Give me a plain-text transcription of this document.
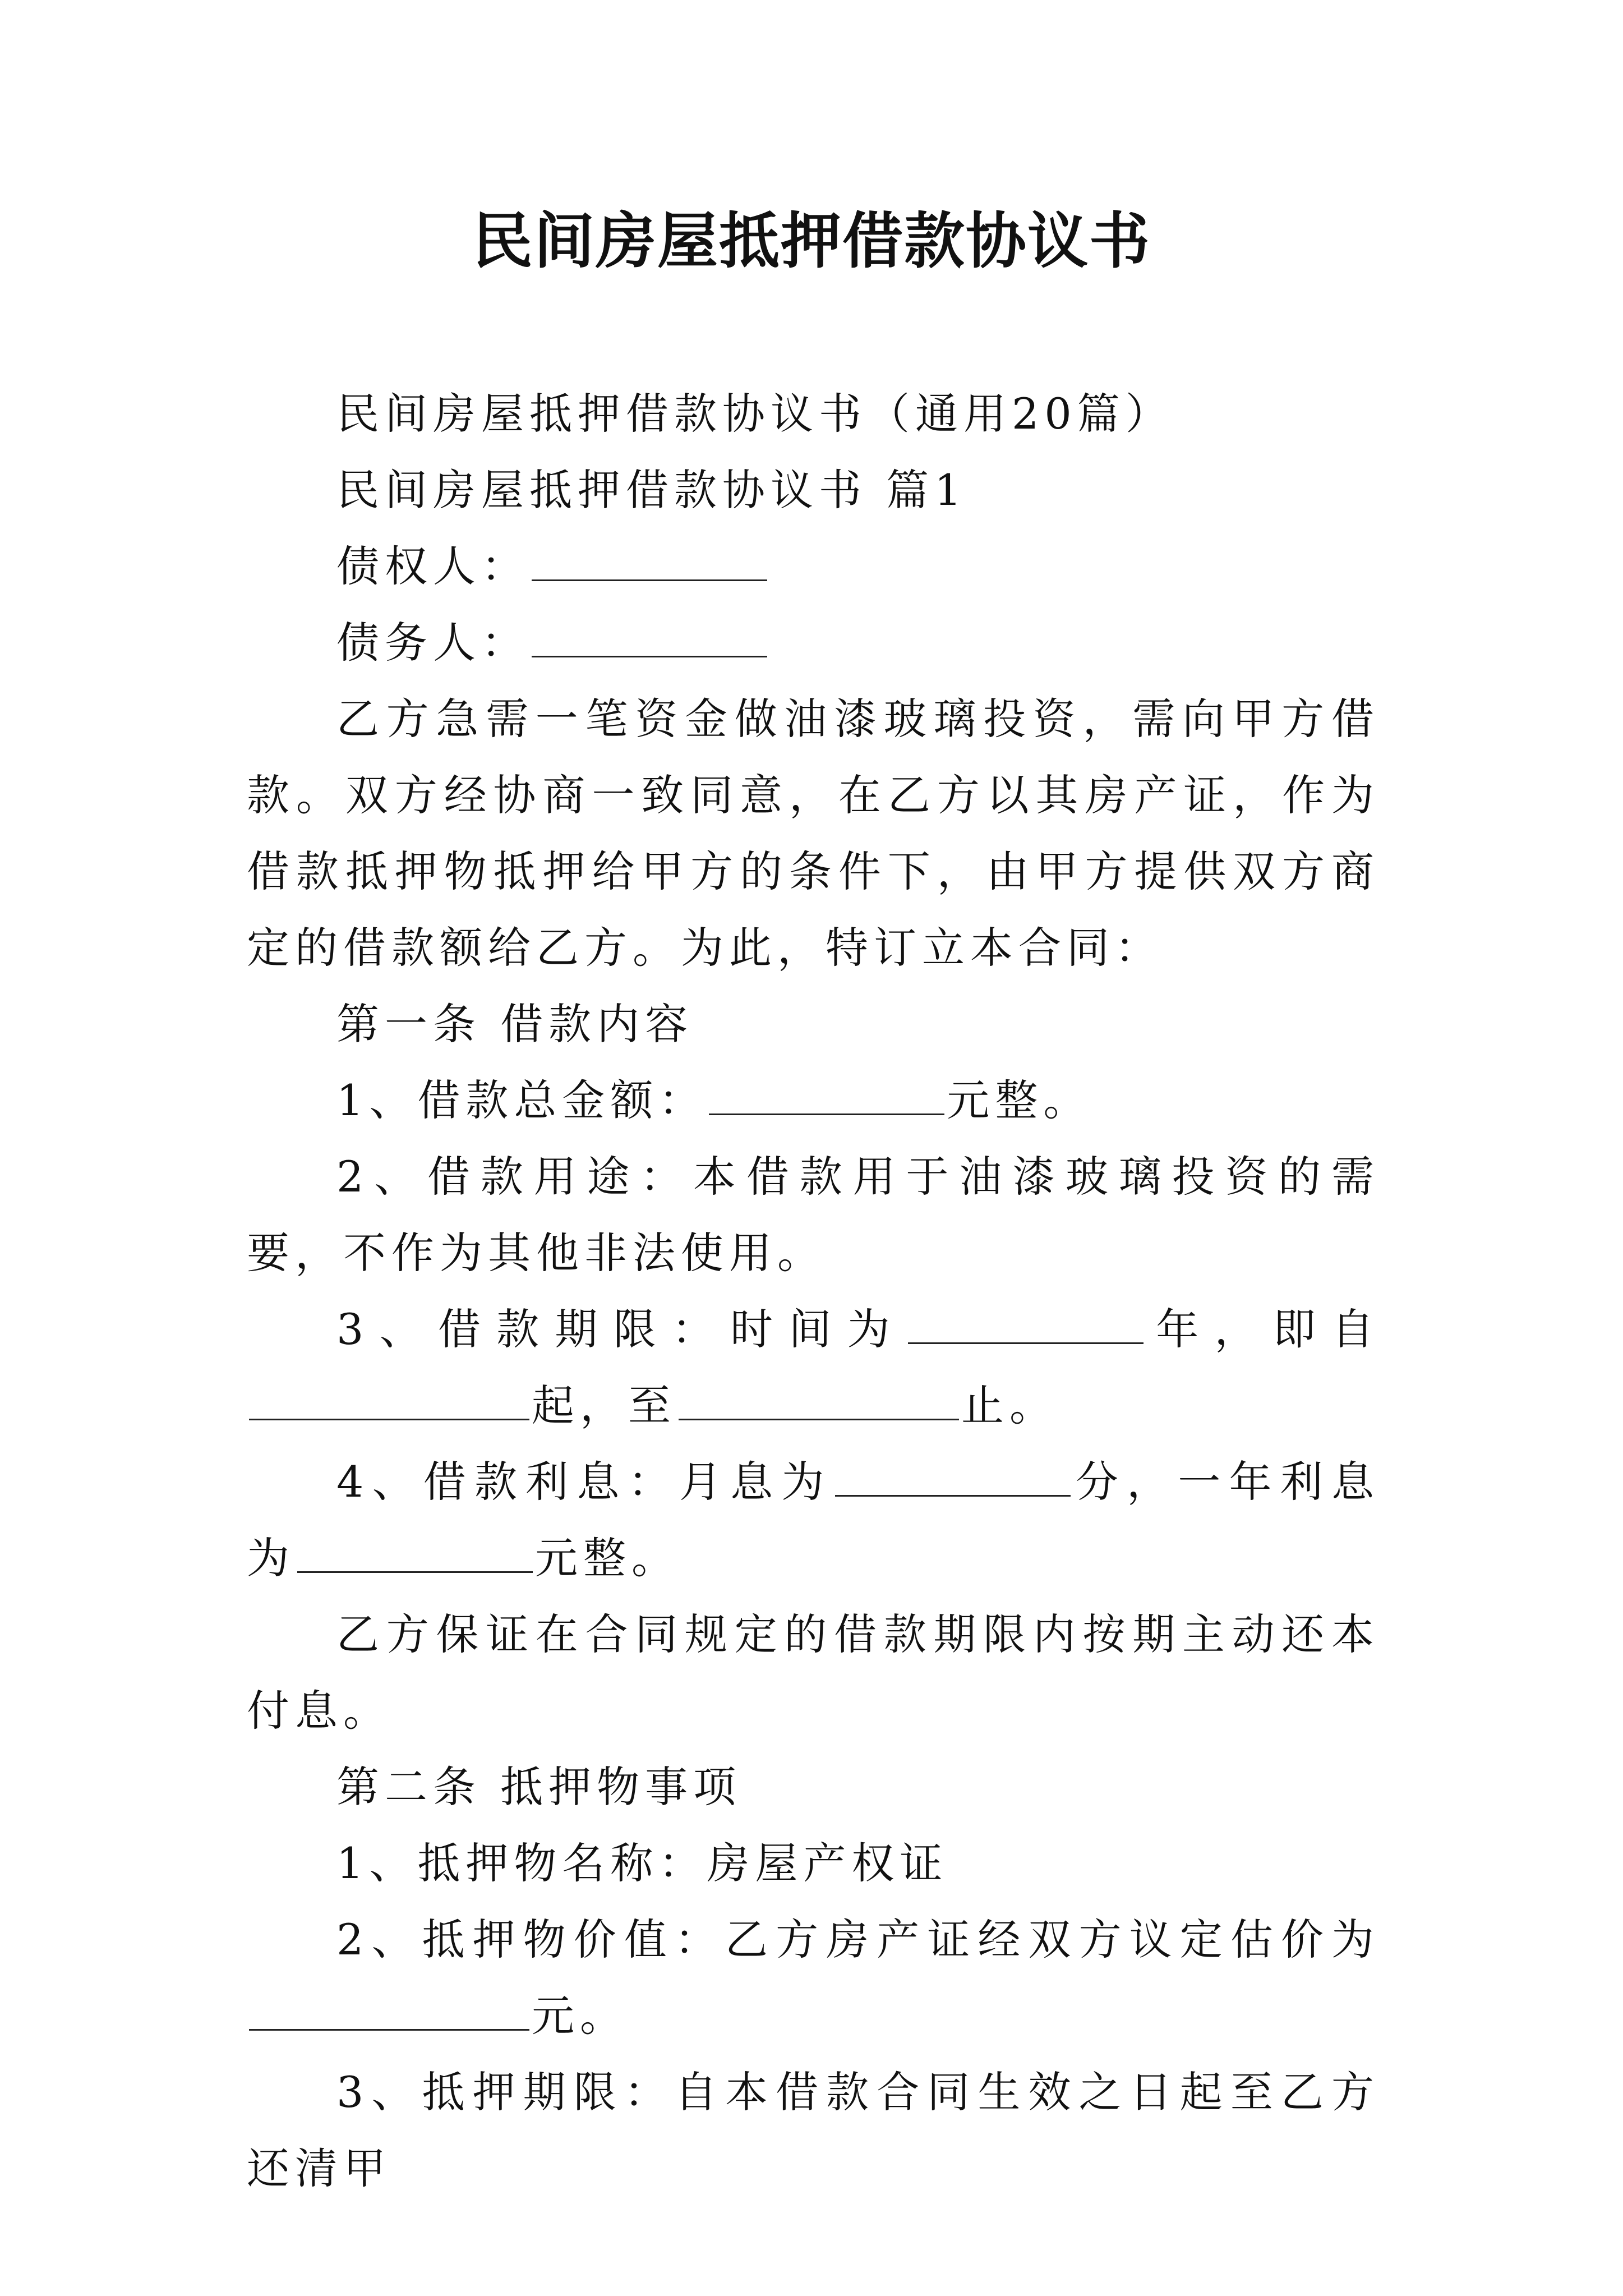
民间房屋抵押借款协议书

民间房屋抵押借款协议书（通用20篇）

民间房屋抵押借款协议书 篇1

债权人：

债务人：

乙方急需一笔资金做油漆玻璃投资，需向甲方借款。双方经协商一致同意，在乙方以其房产证，作为借款抵押物抵押给甲方的条件下，由甲方提供双方商定的借款额给乙方。为此，特订立本合同：

第一条 借款内容

1、借款总金额：	元整。

2、借款用途：本借款用于油漆玻璃投资的需要，不作为其他非法使用。

3、借款期限：时间为	年，即自起，至	止。

4、借款利息：月息为	分，一年利息为	元整。

乙方保证在合同规定的借款期限内按期主动还本付息。

第二条 抵押物事项

1、抵押物名称：房屋产权证

2、抵押物价值：乙方房产证经双方议定估价为元。

3、抵押期限：自本借款合同生效之日起至乙方还清甲
